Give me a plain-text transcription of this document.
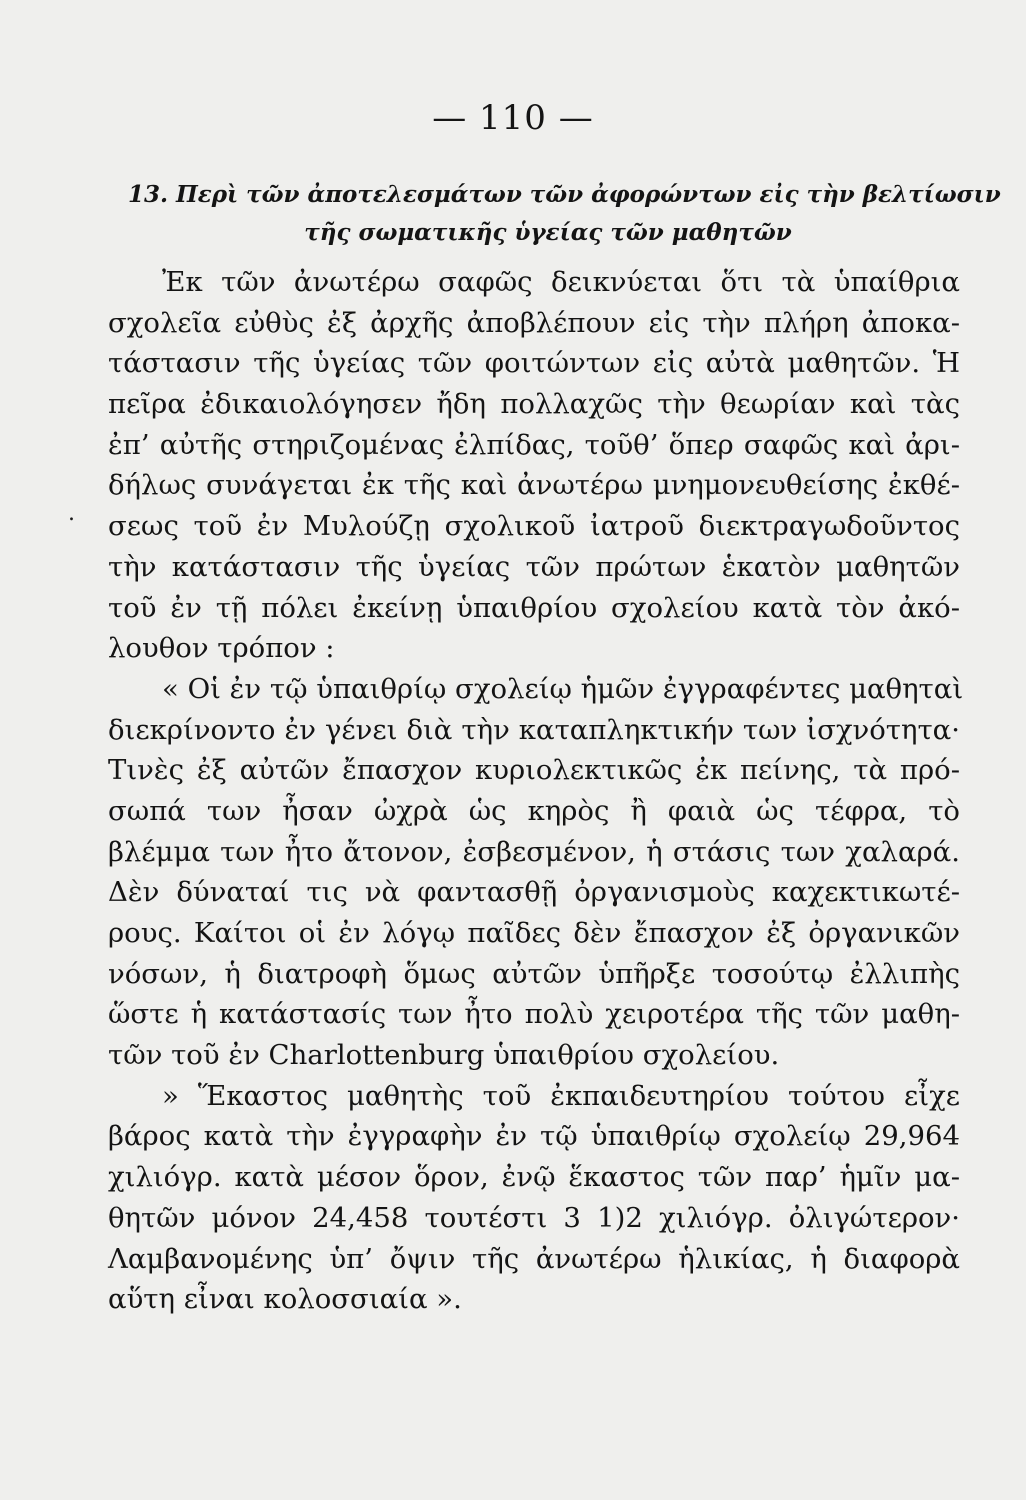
— 110 —
13. Περὶ τῶν ἀποτελεσμάτων τῶν ἀφορώντων εἰς τὴν βελτίωσιν
τῆς σωματικῆς ὑγείας τῶν μαθητῶν
.
Ἐκ τῶν ἀνωτέρω σαφῶς δεικνύεται ὅτι τὰ ὑπαίθρια
σχολεῖα εὐθὺς ἐξ ἀρχῆς ἀποβλέπουν εἰς τὴν πλήρη ἀποκα-
τάστασιν τῆς ὑγείας τῶν φοιτώντων εἰς αὐτὰ μαθητῶν. Ἡ
πεῖρα ἐδικαιολόγησεν ἤδη πολλαχῶς τὴν θεωρίαν καὶ τὰς
ἐπ’ αὐτῆς στηριζομένας ἐλπίδας, τοῦθ’ ὅπερ σαφῶς καὶ ἀρι-
δήλως συνάγεται ἐκ τῆς καὶ ἀνωτέρω μνημονευθείσης ἐκθέ-
σεως τοῦ ἐν Μυλούζῃ σχολικοῦ ἰατροῦ διεκτραγωδοῦντος
τὴν κατάστασιν τῆς ὑγείας τῶν πρώτων ἑκατὸν μαθητῶν
τοῦ ἐν τῇ πόλει ἐκείνῃ ὑπαιθρίου σχολείου κατὰ τὸν ἀκό-
λουθον τρόπον :
« Οἱ ἐν τῷ ὑπαιθρίῳ σχολείῳ ἡμῶν ἐγγραφέντες μαθηταὶ
διεκρίνοντο ἐν γένει διὰ τὴν καταπληκτικήν των ἰσχνότητα·
Τινὲς ἐξ αὐτῶν ἔπασχον κυριολεκτικῶς ἐκ πείνης, τὰ πρό-
σωπά των ἦσαν ὠχρὰ ὡς κηρὸς ἢ φαιὰ ὡς τέφρα, τὸ
βλέμμα των ἦτο ἄτονον, ἐσβεσμένον, ἡ στάσις των χαλαρά.
Δὲν δύναταί τις νὰ φαντασθῇ ὀργανισμοὺς καχεκτικωτέ-
ρους. Καίτοι οἱ ἐν λόγῳ παῖδες δὲν ἔπασχον ἐξ ὀργανικῶν
νόσων, ἡ διατροφὴ ὅμως αὐτῶν ὑπῆρξε τοσούτῳ ἐλλιπὴς
ὥστε ἡ κατάστασίς των ἦτο πολὺ χειροτέρα τῆς τῶν μαθη-
τῶν τοῦ ἐν Charlottenburg ὑπαιθρίου σχολείου.
» Ἕκαστος μαθητὴς τοῦ ἐκπαιδευτηρίου τούτου εἶχε
βάρος κατὰ τὴν ἐγγραφὴν ἐν τῷ ὑπαιθρίῳ σχολείῳ 29,964
χιλιόγρ. κατὰ μέσον ὅρον, ἐνῷ ἕκαστος τῶν παρ’ ἡμῖν μα-
θητῶν μόνον 24,458 τουτέστι 3 1)2 χιλιόγρ. ὀλιγώτερον·
Λαμβανομένης ὑπ’ ὄψιν τῆς ἀνωτέρω ἡλικίας, ἡ διαφορὰ
αὕτη εἶναι κολοσσιαία ».
